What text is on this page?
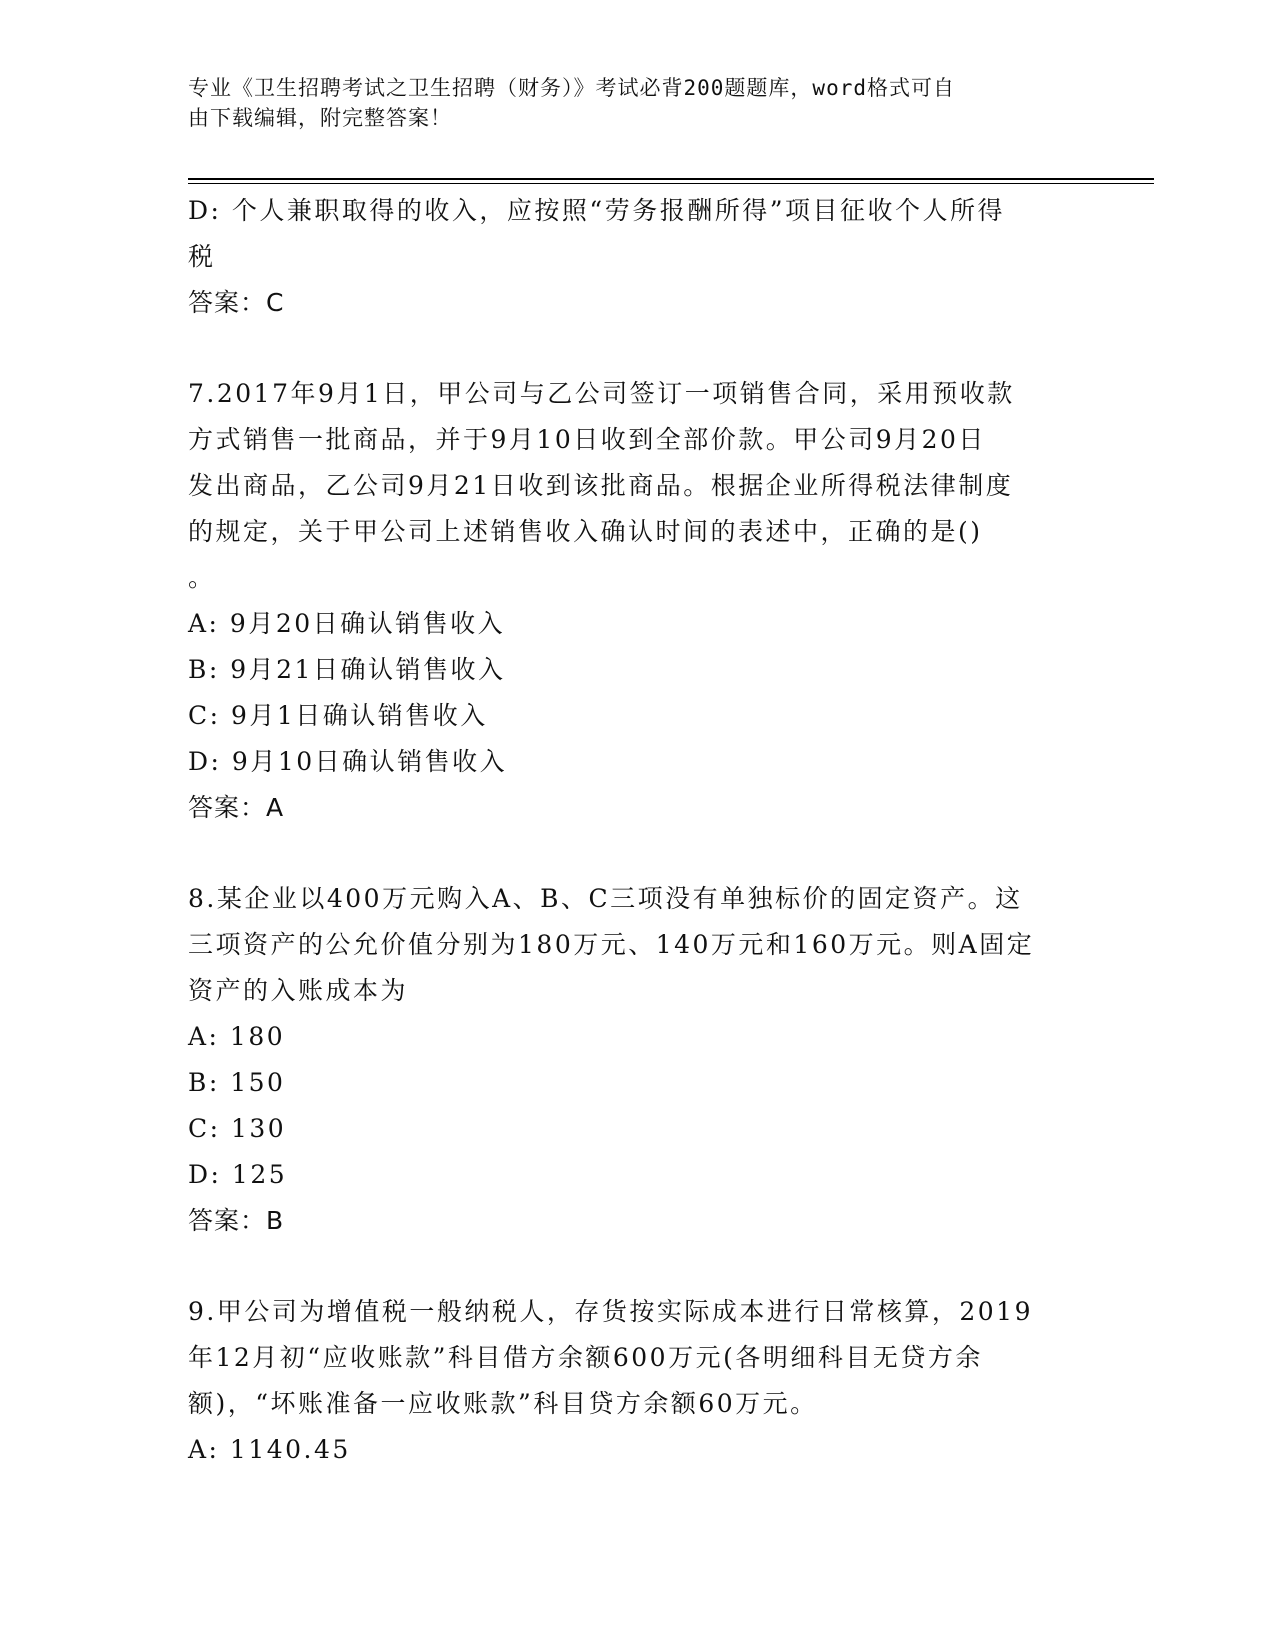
专业《卫生招聘考试之卫生招聘（财务）》考试必背200题题库，word格式可自
由下载编辑，附完整答案！
D: 个人兼职取得的收入，应按照“劳务报酬所得”项目征收个人所得
税
答案：C
7.2017年9月1日，甲公司与乙公司签订一项销售合同，采用预收款
方式销售一批商品，并于9月10日收到全部价款。甲公司9月20日
发出商品，乙公司9月21日收到该批商品。根据企业所得税法律制度
的规定，关于甲公司上述销售收入确认时间的表述中，正确的是()
。
A: 9月20日确认销售收入
B: 9月21日确认销售收入
C: 9月1日确认销售收入
D: 9月10日确认销售收入
答案：A
8.某企业以400万元购入A、B、C三项没有单独标价的固定资产。这
三项资产的公允价值分别为180万元、140万元和160万元。则A固定
资产的入账成本为
A: 180
B: 150
C: 130
D: 125
答案：B
9.甲公司为增值税一般纳税人，存货按实际成本进行日常核算，2019
年12月初“应收账款”科目借方余额600万元(各明细科目无贷方余
额)，“坏账准备一应收账款”科目贷方余额60万元。
A: 1140.45
